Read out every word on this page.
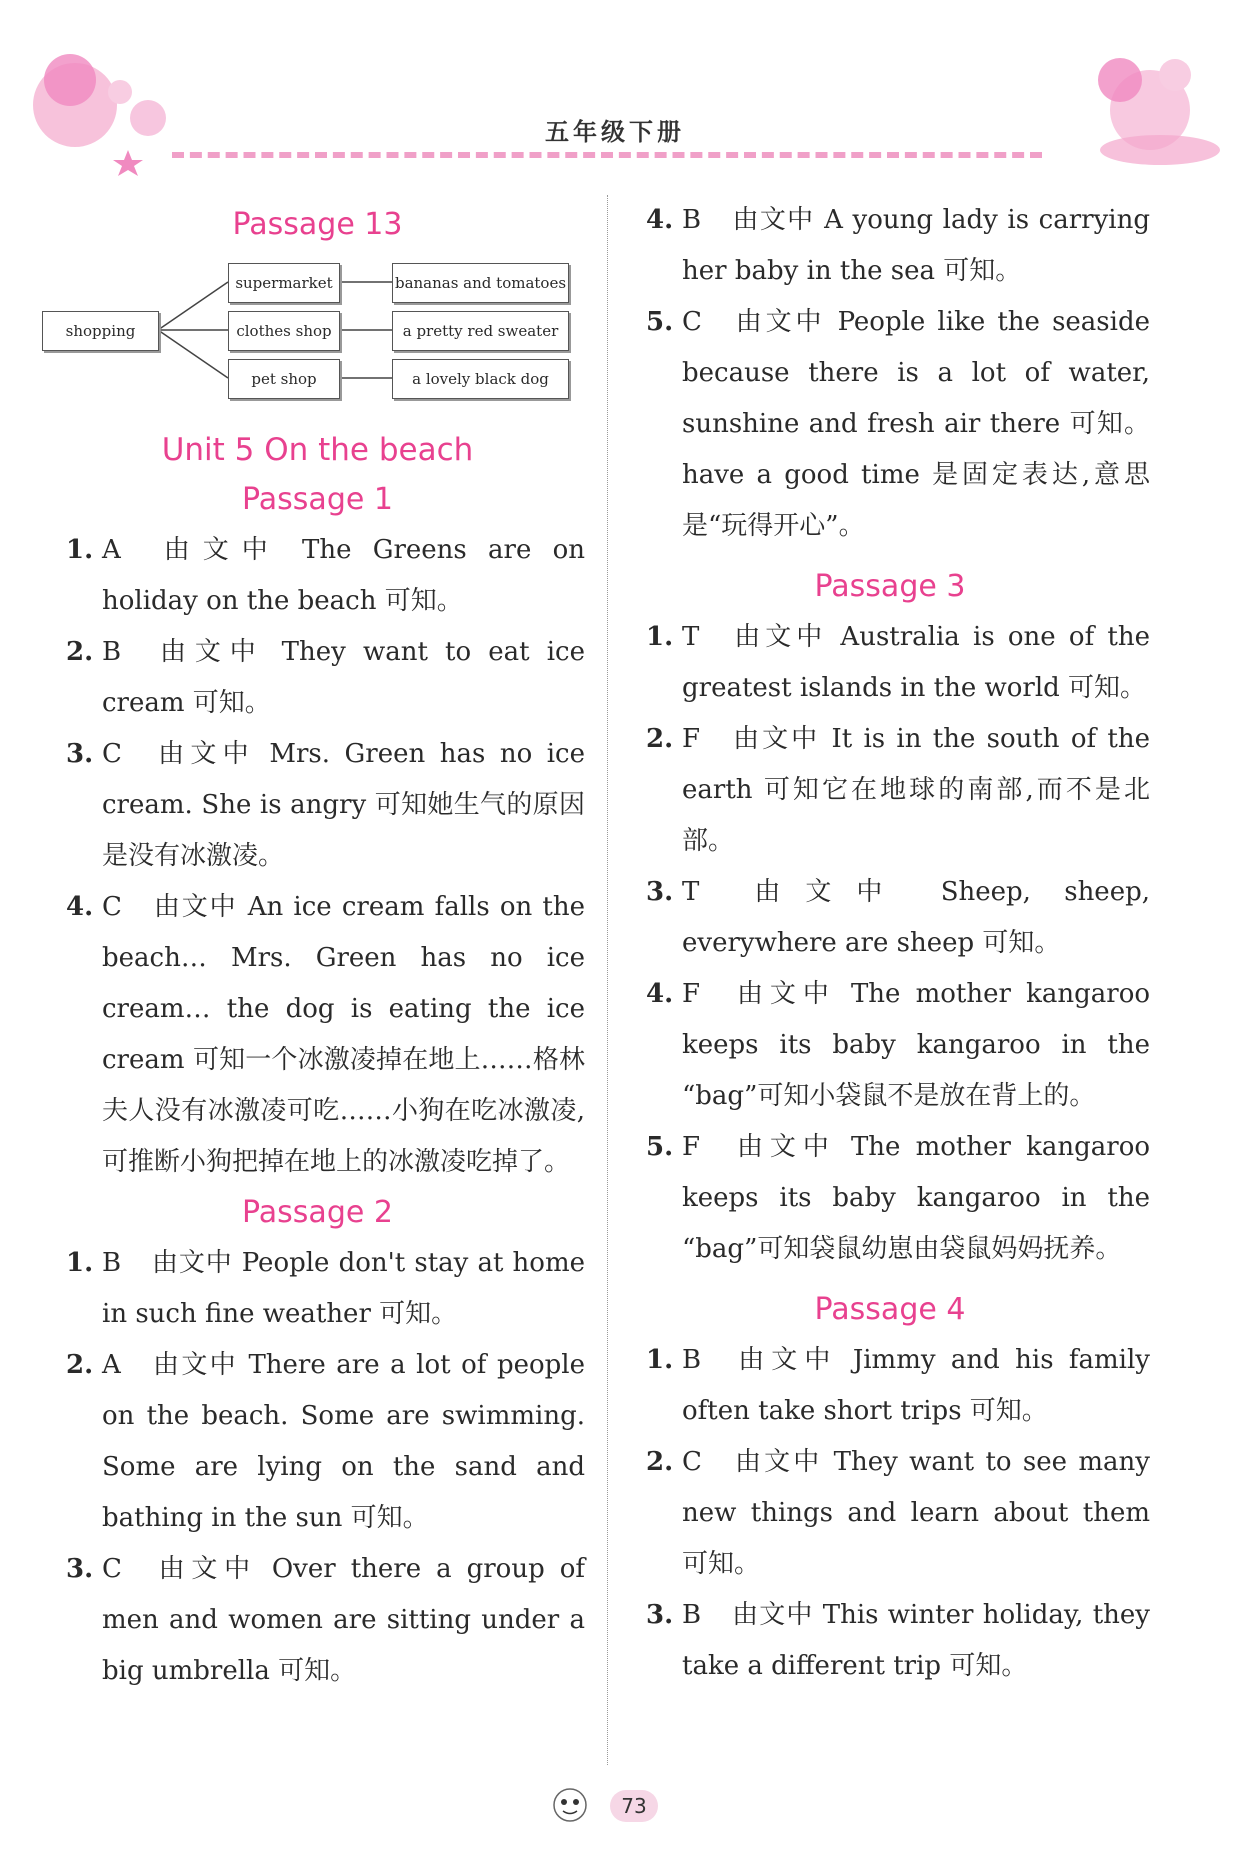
五年级下册
Passage 13
shopping
supermarket
clothes shop
pet shop
bananas and tomatoes
a pretty red sweater
a lovely black dog
Unit 5 On the beach
Passage 1
1. A 由文中 The Greens are on holiday on the beach 可知。
2. B 由文中 They want to eat ice cream 可知。
3. C 由文中 Mrs. Green has no ice cream. She is angry 可知她生气的原因是没有冰激凌。
4. C 由文中 An ice cream falls on the beach… Mrs. Green has no ice cream… the dog is eating the ice cream 可知一个冰激凌掉在地上……格林夫人没有冰激凌可吃……小狗在吃冰激凌,可推断小狗把掉在地上的冰激凌吃掉了。
Passage 2
1. B 由文中 People don't stay at home in such fine weather 可知。
2. A 由文中 There are a lot of people on the beach. Some are swimming. Some are lying on the sand and bathing in the sun 可知。
3. C 由文中 Over there a group of men and women are sitting under a big umbrella 可知。
4. B 由文中 A young lady is carrying her baby in the sea 可知。
5. C 由文中 People like the seaside because there is a lot of water, sunshine and fresh air there 可知。have a good time 是固定表达,意思是“玩得开心”。
Passage 3
1. T 由文中 Australia is one of the greatest islands in the world 可知。
2. F 由文中 It is in the south of the earth 可知它在地球的南部,而不是北部。
3. T 由文中 Sheep, sheep, everywhere are sheep 可知。
4. F 由文中 The mother kangaroo keeps its baby kangaroo in the “bag”可知小袋鼠不是放在背上的。
5. F 由文中 The mother kangaroo keeps its baby kangaroo in the “bag”可知袋鼠幼崽由袋鼠妈妈抚养。
Passage 4
1. B 由文中 Jimmy and his family often take short trips 可知。
2. C 由文中 They want to see many new things and learn about them 可知。
3. B 由文中 This winter holiday, they take a different trip 可知。
73
